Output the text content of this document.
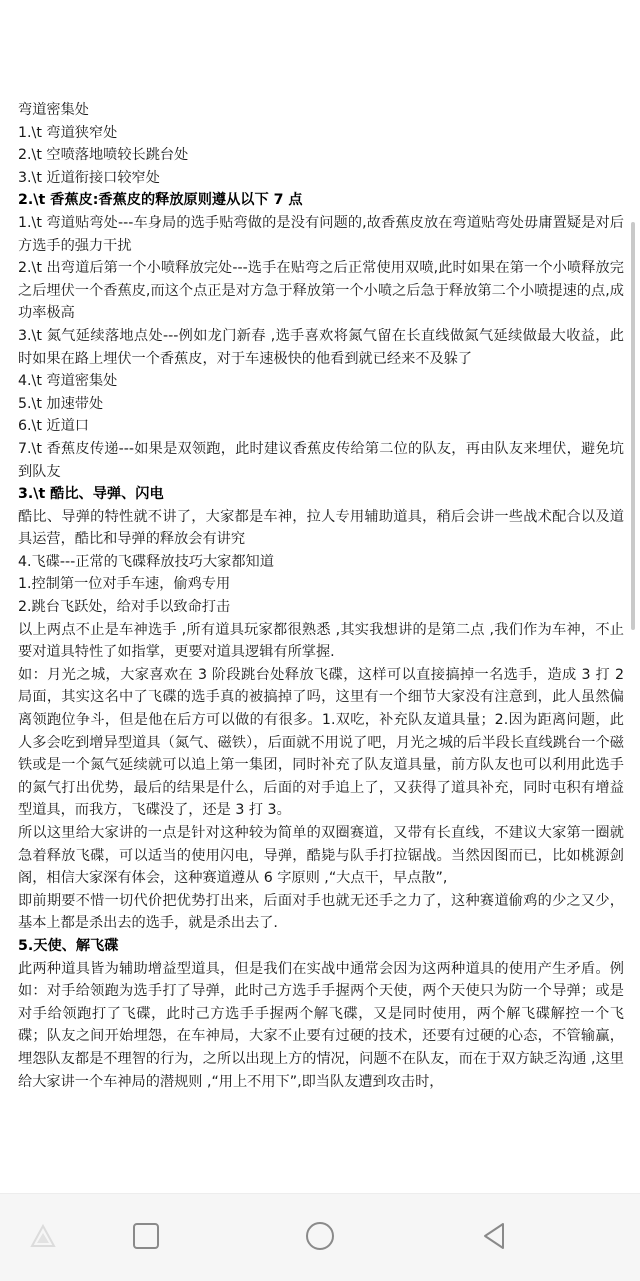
弯道密集处

1.\t 弯道狭窄处

2.\t 空喷落地喷较长跳台处

3.\t 近道衔接口较窄处

2.\t 香蕉皮:香蕉皮的释放原则遵从以下 7 点

1.\t 弯道贴弯处---车身局的选手贴弯做的是没有问题的,故香蕉皮放在弯道贴弯处毋庸置疑是对后方选手的强力干扰

2.\t 出弯道后第一个小喷释放完处---选手在贴弯之后正常使用双喷,此时如果在第一个小喷释放完之后埋伏一个香蕉皮,而这个点正是对方急于释放第一个小喷之后急于释放第二个小喷提速的点,成功率极高

3.\t 氮气延续落地点处---例如龙门新春 ,选手喜欢将氮气留在长直线做氮气延续做最大收益，此时如果在路上埋伏一个香蕉皮，对于车速极快的他看到就已经来不及躲了

4.\t 弯道密集处

5.\t 加速带处

6.\t 近道口

7.\t 香蕉皮传递---如果是双领跑，此时建议香蕉皮传给第二位的队友，再由队友来埋伏，避免坑到队友

3.\t 酷比、导弹、闪电

酷比、导弹的特性就不讲了，大家都是车神，拉人专用辅助道具，稍后会讲一些战术配合以及道具运营，酷比和导弹的释放会有讲究

4.飞碟---正常的飞碟释放技巧大家都知道

1.控制第一位对手车速，偷鸡专用

2.跳台飞跃处，给对手以致命打击

以上两点不止是车神选手 ,所有道具玩家都很熟悉 ,其实我想讲的是第二点 ,我们作为车神，不止要对道具特性了如指掌，更要对道具逻辑有所掌握.

如：月光之城，大家喜欢在 3 阶段跳台处释放飞碟，这样可以直接搞掉一名选手，造成 3 打 2 局面，其实这名中了飞碟的选手真的被搞掉了吗，这里有一个细节大家没有注意到，此人虽然偏离领跑位争斗，但是他在后方可以做的有很多。1.双吃，补充队友道具量；2.因为距离问题，此人多会吃到增异型道具（氮气、磁铁），后面就不用说了吧，月光之城的后半段长直线跳台一个磁铁或是一个氮气延续就可以追上第一集团，同时补充了队友道具量，前方队友也可以利用此选手的氮气打出优势，最后的结果是什么，后面的对手追上了，又获得了道具补充，同时屯积有增益型道具，而我方，飞碟没了，还是 3 打 3。

所以这里给大家讲的一点是针对这种较为简单的双圈赛道，又带有长直线，不建议大家第一圈就急着释放飞碟，可以适当的使用闪电，导弹，酷毙与队手打拉锯战。当然因图而已，比如桃源剑阁，相信大家深有体会，这种赛道遵从 6 字原则 ,“大点干，早点散”,

即前期要不惜一切代价把优势打出来，后面对手也就无还手之力了，这种赛道偷鸡的少之又少，基本上都是杀出去的选手，就是杀出去了.

5.天使、解飞碟

此两种道具皆为辅助增益型道具，但是我们在实战中通常会因为这两种道具的使用产生矛盾。例如：对手给领跑为选手打了导弹，此时己方选手手握两个天使，两个天使只为防一个导弹；或是对手给领跑打了飞碟，此时己方选手手握两个解飞碟，又是同时使用，两个解飞碟解控一个飞碟；队友之间开始埋怨，在车神局，大家不止要有过硬的技术，还要有过硬的心态，不管输赢，埋怨队友都是不理智的行为，之所以出现上方的情况，问题不在队友，而在于双方缺乏沟通 ,这里给大家讲一个车神局的潜规则 ,“用上不用下”,即当队友遭到攻击时，
